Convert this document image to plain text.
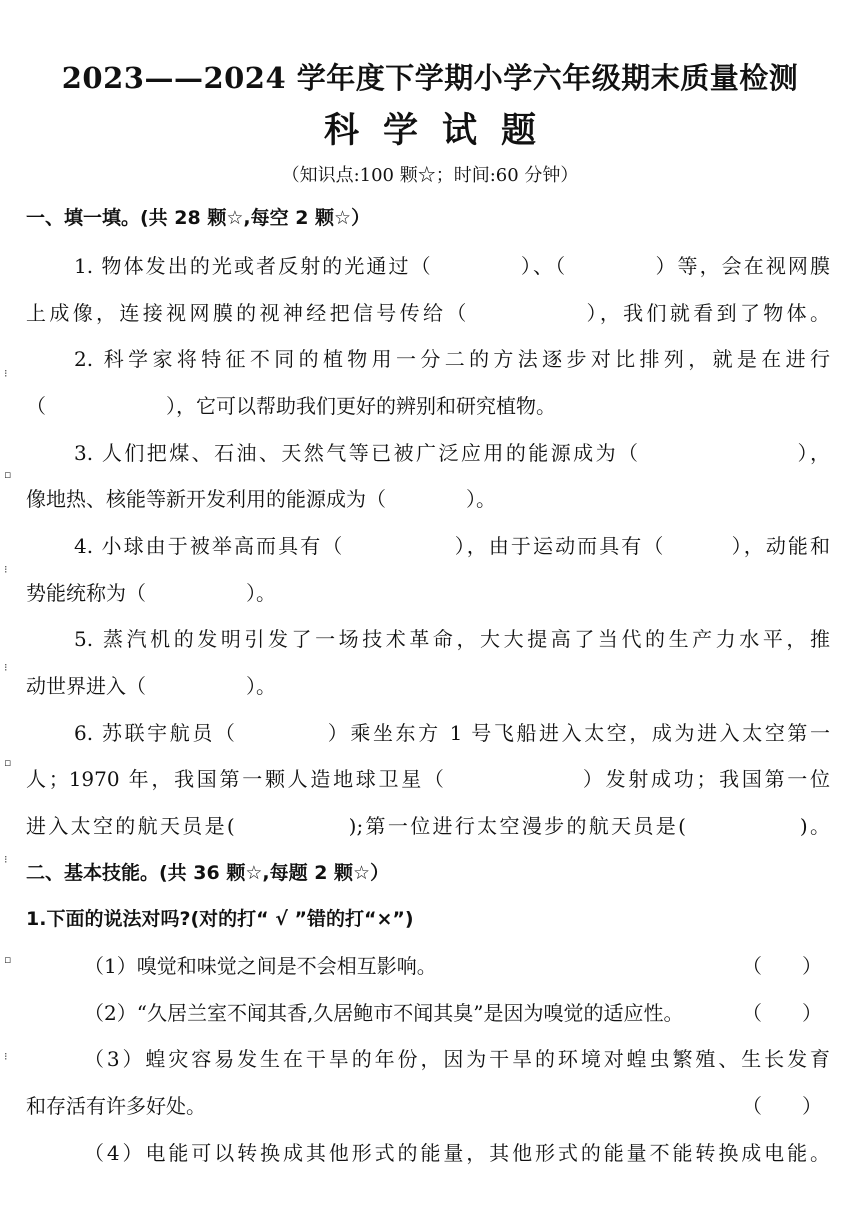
2023——2024 学年度下学期小学六年级期末质量检测
科学试题
（知识点:100 颗☆；时间:60 分钟）
一、填一填。(共 28 颗☆,每空 2 颗☆）
1. 物体发出的光或者反射的光通过（　　　　）、（　　　　）等，会在视网膜
上成像，连接视网膜的视神经把信号传给（　　　　　），我们就看到了物体。
2. 科学家将特征不同的植物用一分二的方法逐步对比排列，就是在进行
（　　　　　　），它可以帮助我们更好的辨别和研究植物。
3. 人们把煤、石油、天然气等已被广泛应用的能源成为（　　　　　　　），
像地热、核能等新开发利用的能源成为（　　　　）。
4. 小球由于被举高而具有（　　　　　），由于运动而具有（　　　），动能和
势能统称为（　　　　　）。
5. 蒸汽机的发明引发了一场技术革命，大大提高了当代的生产力水平，推
动世界进入（　　　　　）。
6. 苏联宇航员（　　　　）乘坐东方 1 号飞船进入太空，成为进入太空第一
人；1970 年，我国第一颗人造地球卫星（　　　　　　）发射成功；我国第一位
进入太空的航天员是(　　　　　);第一位进行太空漫步的航天员是(　　　　　)。
二、基本技能。(共 36 颗☆,每题 2 颗☆）
1.下面的说法对吗?(对的打“ √ ”错的打“×”)
（1）嗅觉和味觉之间是不会相互影响。	（　　）
（2）“久居兰室不闻其香,久居鲍市不闻其臭”是因为嗅觉的适应性。	（　　）
（3）蝗灾容易发生在干旱的年份，因为干旱的环境对蝗虫繁殖、生长发育
和存活有许多好处。	（　　）
（4）电能可以转换成其他形式的能量，其他形式的能量不能转换成电能。
⁝
▫
⁝
⁝
▫
⁝
▫
⁝
